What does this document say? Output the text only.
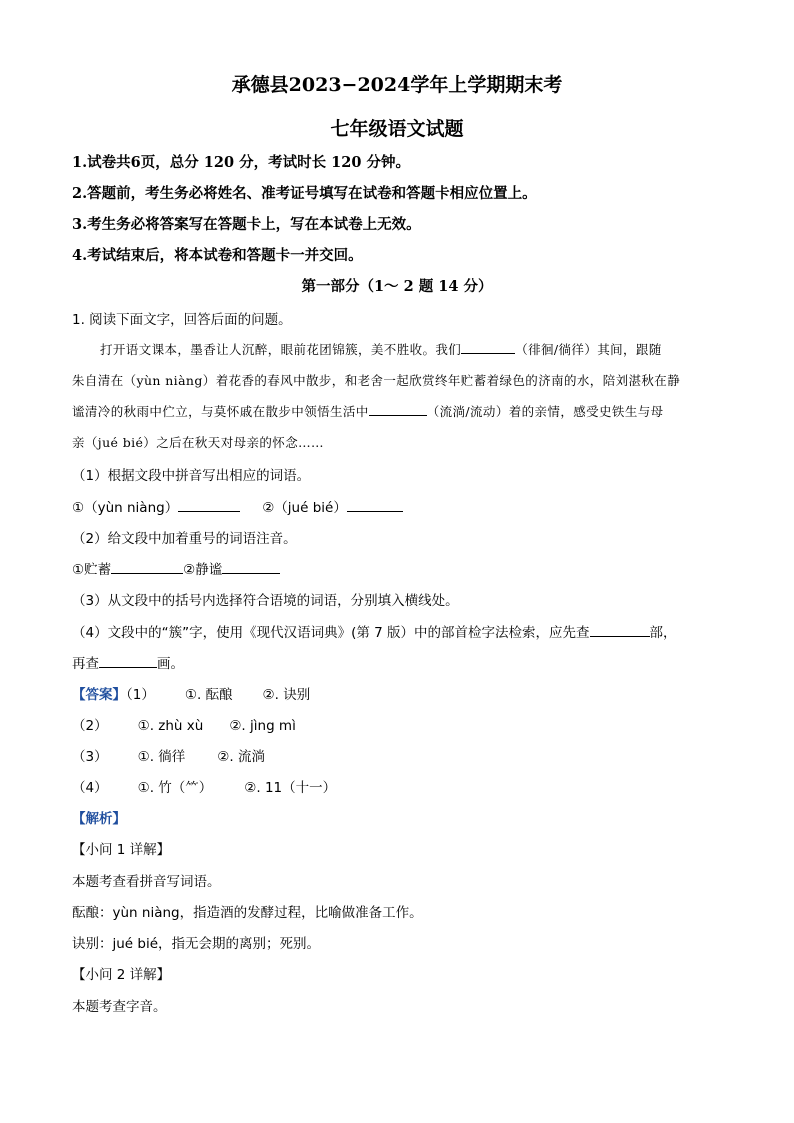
承德县2023−2024学年上学期期末考
七年级语文试题
1.试卷共6页，总分 120 分，考试时长 120 分钟。
2.答题前，考生务必将姓名、准考证号填写在试卷和答题卡相应位置上。
3.考生务必将答案写在答题卡上，写在本试卷上无效。
4.考试结束后，将本试卷和答题卡一并交回。
第一部分（1～ 2 题 14 分）
1. 阅读下面文字，回答后面的问题。
打开语文课本，墨香让人沉醉，眼前花团锦簇，美不胜收。我们	（徘徊/徜徉）其间，跟随
朱自清在（yùn niàng）着花香的春风中散步，和老舍一起欣赏终年贮蓄着绿色的济南的水，陪刘湛秋在静
谧清冷的秋雨中伫立，与莫怀戚在散步中领悟生活中	（流淌/流动）着的亲情，感受史铁生与母
亲（jué bié）之后在秋天对母亲的怀念……
（1）根据文段中拼音写出相应的词语。
①（yùn niàng）	②（jué bié）
（2）给文段中加着重号的词语注音。
①贮蓄	②静谧
（3）从文段中的括号内选择符合语境的词语，分别填入横线处。
（4）文段中的“簇”字，使用《现代汉语词典》(第 7 版）中的部首检字法检索，应先查	部，
再查	画。
【答案】（1） ①. 酝酿 ②. 诀别
（2） ①. zhù xù ②. jìng mì
（3） ①. 徜徉 ②. 流淌
（4） ①. 竹（⺮） ②. 11（十一）
【解析】
【小问 1 详解】
本题考查看拼音写词语。
酝酿：yùn niàng，指造酒的发酵过程，比喻做准备工作。
诀别：jué bié，指无会期的离别；死别。
【小问 2 详解】
本题考查字音。
